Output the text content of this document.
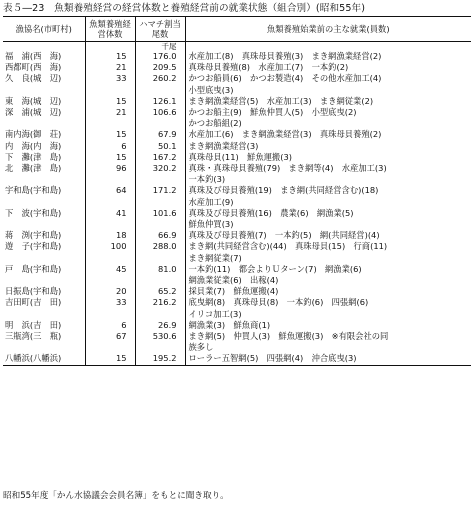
表５―23　魚類養殖経営の経営体数と養殖経営前の就業状態（組合別）(昭和55年)
漁協名(市町村)	魚類養殖経営体数	ハマチ割当尾数	魚類養殖始業前の主な就業(員数)
		千尾	
福　浦(西　海)	15	176.0	水産加工(8)　真珠母貝養殖(3)　まき網漁業経営(2)
西都町(西　海)	21	209.5	真珠母貝養殖(8)　水産加工(7)　一本釣(2)
久　良(城　辺)	33	260.2	かつお船員(6)　かつお製造(4)　その他水産加工(4)
			小型底曳(3)
東　海(城　辺)	15	126.1	まき網漁業経営(5)　水産加工(3)　まき網従業(2)
深　浦(城　辺)	21	106.6	かつお船主(9)　鮮魚仲買人(5)　小型底曳(2)
			かつお船組(2)
南内海(御　荘)	15	67.9	水産加工(6)　まき網漁業経営(3)　真珠母貝養殖(2)
内　海(内　海)	6	50.1	まき網漁業経営(3)
下　灘(津　島)	15	167.2	真珠母貝(11)　鮮魚運搬(3)
北　灘(津　島)	96	320.2	真珠・真珠母貝養殖(79)　まき網等(4)　水産加工(3)
			一本釣(3)
宇和島(宇和島)	64	171.2	真珠及び母貝養殖(19)　まき網(共同経営含む)(18)
			水産加工(9)
下　波(宇和島)	41	101.6	真珠及び母貝養殖(16)　農業(6)　網漁業(5)
			鮮魚仲買(3)
蒋　渕(宇和島)	18	66.9	真珠及び母貝養殖(7)　一本釣(5)　網(共同経営)(4)
遊　子(宇和島)	100	288.0	まき網(共同経営含む)(44)　真珠母貝(15)　行商(11)
			まき網従業(7)
戸　島(宇和島)	45	81.0	一本釣(11)　都会よりＵターン(7)　網漁業(6)
			網漁業従業(6)　出稼(4)
日振島(宇和島)	20	65.2	採貝業(7)　鮮魚運搬(4)
吉田町(吉　田)	33	216.2	底曳網(8)　真珠母貝(8)　一本釣(6)　四張網(6)
			イリコ加工(3)
明　浜(吉　田)	6	26.9	網漁業(3)　鮮魚商(1)
三瓶湾(三　瓶)	67	530.6	まき網(5)　仲買人(3)　鮮魚運搬(3)　※有限会社の同
			族多し
八幡浜(八幡浜)	15	195.2	ローラー五智網(5)　四張網(4)　沖合底曳(3)
昭和55年度「かん水協議会会員名簿」をもとに聞き取り。
